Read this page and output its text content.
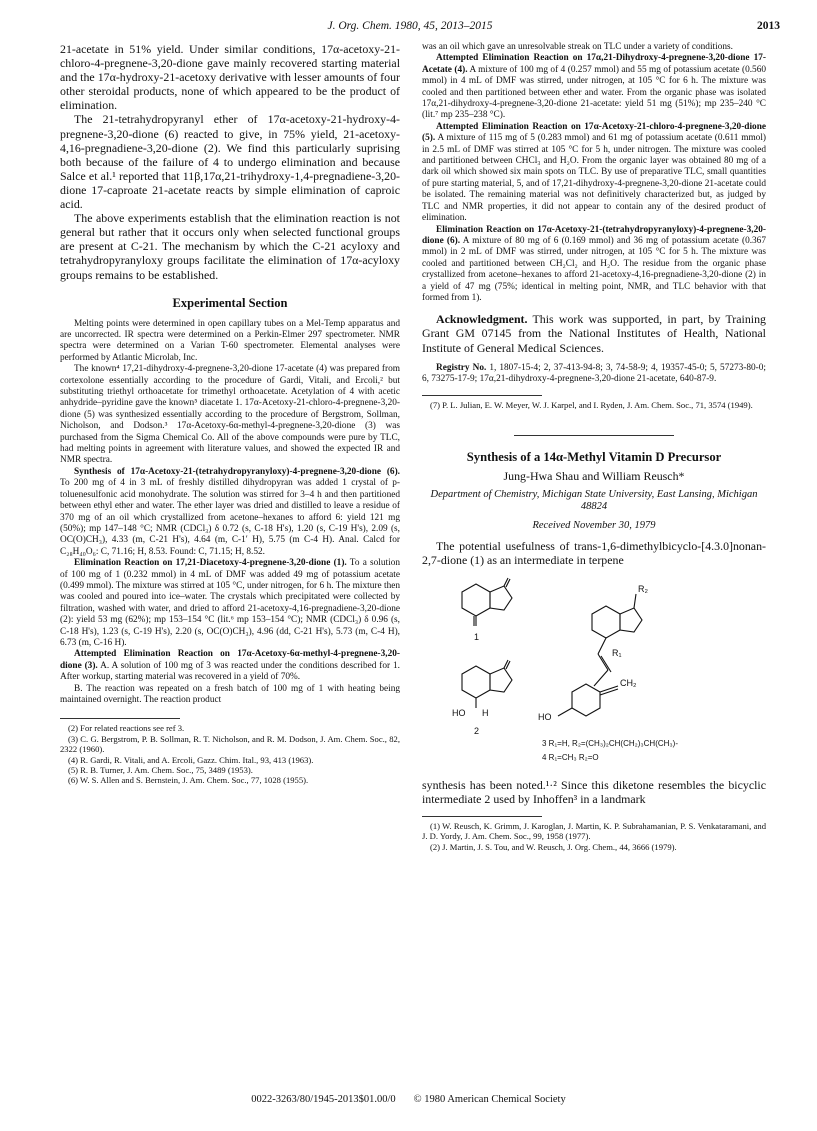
J. Org. Chem. 1980, 45, 2013–2015	2013

21-acetate in 51% yield. Under similar conditions, 17α-acetoxy-21-chloro-4-pregnene-3,20-dione gave mainly recovered starting material and the 17α-hydroxy-21-acetoxy derivative with lesser amounts of four other steroidal products, none of which appeared to be the product of elimination.

The 21-tetrahydropyranyl ether of 17α-acetoxy-21-hydroxy-4-pregnene-3,20-dione (6) reacted to give, in 75% yield, 21-acetoxy-4,16-pregnadiene-3,20-dione (2). We find this particularly suprising both because of the failure of 4 to undergo elimination and because Salce et al.¹ reported that 11β,17α,21-trihydroxy-1,4-pregnadiene-3,20-dione 17-caproate 21-acetate reacts by simple elimination of caproic acid.

The above experiments establish that the elimination reaction is not general but rather that it occurs only when selected functional groups are present at C-21. The mechanism by which the C-21 acyloxy and tetrahydropyranyloxy groups facilitate the elimination of 17α-acyloxy groups remains to be established.

Experimental Section

Melting points were determined in open capillary tubes on a Mel-Temp apparatus and are uncorrected. IR spectra were determined on a Perkin-Elmer 297 spectrometer. NMR spectra were determined on a Varian T-60 spectrometer. Elemental analyses were performed by Atlantic Microlab, Inc.

The known⁴ 17,21-dihydroxy-4-pregnene-3,20-dione 17-acetate (4) was prepared from cortexolone essentially according to the procedure of Gardi, Vitali, and Ercoli,² but substituting triethyl orthoacetate for trimethyl orthoacetate. Acetylation of 4 with acetic anhydride–pyridine gave the known⁵ diacetate 1. 17α-Acetoxy-21-chloro-4-pregnene-3,20-dione (5) was synthesized essentially according to the procedure of Bergstrom, Sollman, Nicholson, and Dodson.³ 17α-Acetoxy-6α-methyl-4-pregnene-3,20-dione (3) was purchased from the Sigma Chemical Co. All of the above compounds were pure by TLC, had melting points in agreement with literature values, and showed the expected IR and NMR spectra.

Synthesis of 17α-Acetoxy-21-(tetrahydropyranyloxy)-4-pregnene-3,20-dione (6). To 200 mg of 4 in 3 mL of freshly distilled dihydropyran was added 1 crystal of p-toluenesulfonic acid monohydrate. The solution was stirred for 3–4 h and then partitioned between ethyl ether and water. The ether layer was dried and distilled to leave a residue of 370 mg of an oil which crystallized from acetone–hexanes to afford 6: yield 121 mg (50%); mp 147–148 °C; NMR (CDCl₃) δ 0.72 (s, C-18 H's), 1.20 (s, C-19 H's), 2.09 (s, OC(O)CH₃), 4.33 (m, C-21 H's), 4.64 (m, C-1′ H), 5.75 (m C-4 H). Anal. Calcd for C₂₈H₄₀O₆: C, 71.16; H, 8.53. Found: C, 71.15; H, 8.52.

Elimination Reaction on 17,21-Diacetoxy-4-pregnene-3,20-dione (1). To a solution of 100 mg of 1 (0.232 mmol) in 4 mL of DMF was added 49 mg of potassium acetate (0.499 mmol). The mixture was stirred at 105 °C, under nitrogen, for 6 h. The mixture then was cooled and poured into ice–water. The crystals which precipitated were collected by filtration, washed with water, and dried to afford 21-acetoxy-4,16-pregnadiene-3,20-dione (2): yield 53 mg (62%); mp 153–154 °C (lit.⁶ mp 153–154 °C); NMR (CDCl₃) δ 0.96 (s, C-18 H's), 1.23 (s, C-19 H's), 2.20 (s, OC(O)CH₃), 4.96 (dd, C-21 H's), 5.73 (m, C-4 H), 6.73 (m, C-16 H).

Attempted Elimination Reaction on 17α-Acetoxy-6α-methyl-4-pregnene-3,20-dione (3). A. A solution of 100 mg of 3 was reacted under the conditions described for 1. After workup, starting material was recovered in a yield of 70%.

B. The reaction was repeated on a fresh batch of 100 mg of 1 with heating being maintained overnight. The reaction product

(2) For related reactions see ref 3.

(3) C. G. Bergstrom, P. B. Sollman, R. T. Nicholson, and R. M. Dodson, J. Am. Chem. Soc., 82, 2322 (1960).

(4) R. Gardi, R. Vitali, and A. Ercoli, Gazz. Chim. Ital., 93, 413 (1963).

(5) R. B. Turner, J. Am. Chem. Soc., 75, 3489 (1953).

(6) W. S. Allen and S. Bernstein, J. Am. Chem. Soc., 77, 1028 (1955).

was an oil which gave an unresolvable streak on TLC under a variety of conditions.

Attempted Elimination Reaction on 17α,21-Dihydroxy-4-pregnene-3,20-dione 17-Acetate (4). A mixture of 100 mg of 4 (0.257 mmol) and 55 mg of potassium acetate (0.560 mmol) in 4 mL of DMF was stirred, under nitrogen, at 105 °C for 6 h. The mixture was cooled and then partitioned between ether and water. From the organic phase was isolated 17α,21-dihydroxy-4-pregnene-3,20-dione 21-acetate: yield 51 mg (51%); mp 235–240 °C (lit.⁷ mp 235–238 °C).

Attempted Elimination Reaction on 17α-Acetoxy-21-chloro-4-pregnene-3,20-dione (5). A mixture of 115 mg of 5 (0.283 mmol) and 61 mg of potassium acetate (0.611 mmol) in 2.5 mL of DMF was stirred at 105 °C for 5 h, under nitrogen. The mixture was cooled and partitioned between CHCl₃ and H₂O. From the organic layer was obtained 80 mg of a dark oil which showed six main spots on TLC. By use of preparative TLC, small quantities of pure starting material, 5, and of 17,21-dihydroxy-4-pregnene-3,20-dione 21-acetate could be isolated. The remaining material was not definitively characterized but, as judged by TLC and NMR properties, it did not appear to contain any of the desired product of elimination.

Elimination Reaction on 17α-Acetoxy-21-(tetrahydropyranyloxy)-4-pregnene-3,20-dione (6). A mixture of 80 mg of 6 (0.169 mmol) and 36 mg of potassium acetate (0.367 mmol) in 2 mL of DMF was stirred, under nitrogen, at 105 °C for 5 h. The mixture was cooled and partitioned between CH₂Cl₂ and H₂O. The residue from the organic phase crystallized from acetone–hexanes to afford 21-acetoxy-4,16-pregnadiene-3,20-dione (2) in a yield of 47 mg (75%; identical in melting point, NMR, and TLC behavior with that formed from 1).

Acknowledgment. This work was supported, in part, by Training Grant GM 07145 from the National Institutes of Health, National Institute of General Medical Sciences.

Registry No. 1, 1807-15-4; 2, 37-413-94-8; 3, 74-58-9; 4, 19357-45-0; 5, 57273-80-0; 6, 73275-17-9; 17α,21-dihydroxy-4-pregnene-3,20-dione 21-acetate, 640-87-9.

(7) P. L. Julian, E. W. Meyer, W. J. Karpel, and I. Ryden, J. Am. Chem. Soc., 71, 3574 (1949).

Synthesis of a 14α-Methyl Vitamin D Precursor
Jung-Hwa Shau and William Reusch*
Department of Chemistry, Michigan State University, East Lansing, Michigan 48824
Received November 30, 1979

The potential usefulness of trans-1,6-dimethylbicyclo-[4.3.0]nonan-2,7-dione (1) as an intermediate in terpene

1
HO H
2
R₁
R₂
CH₂
HO
3 R₁=H, R₂=(CH₃)₂CH(CH₂)₃CH(CH₃)-
4 R₁=CH₃ R₂=O

synthesis has been noted.¹·² Since this diketone resembles the bicyclic intermediate 2 used by Inhoffen³ in a landmark

(1) W. Reusch, K. Grimm, J. Karoglan, J. Martin, K. P. Subrahamanian, P. S. Venkataramani, and J. D. Yordy, J. Am. Chem. Soc., 99, 1958 (1977).

(2) J. Martin, J. S. Tou, and W. Reusch, J. Org. Chem., 44, 3666 (1979).

0022-3263/80/1945-2013$01.00/0 © 1980 American Chemical Society
